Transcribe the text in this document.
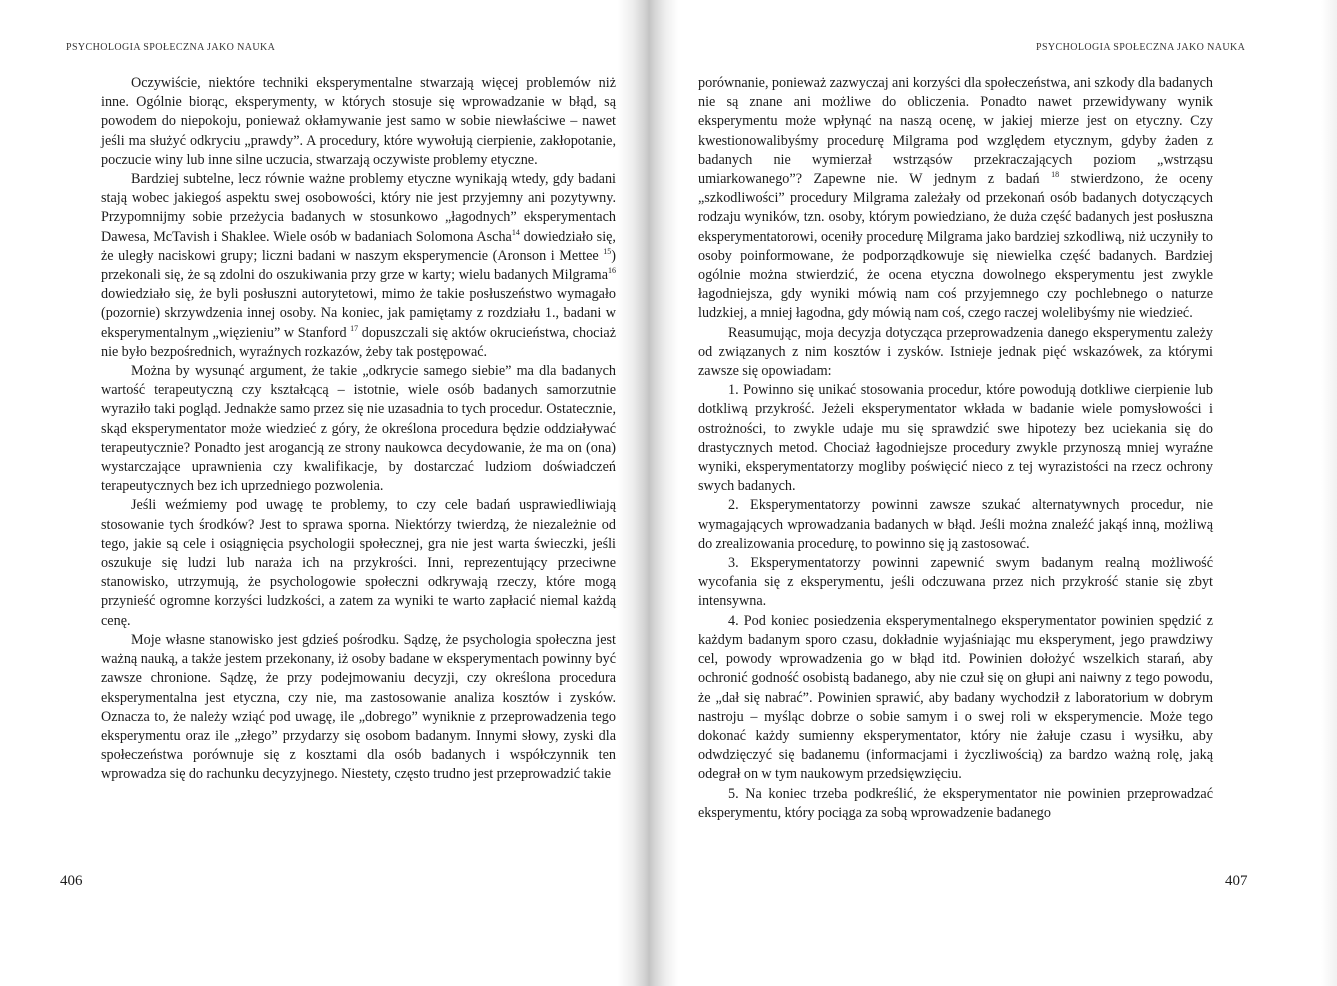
PSYCHOLOGIA SPOŁECZNA JAKO NAUKA	PSYCHOLOGIA SPOŁECZNA JAKO NAUKA

Oczywiście, niektóre techniki eksperymentalne stwarzają więcej problemów niż inne. Ogólnie biorąc, eksperymenty, w których stosuje się wprowadzanie w błąd, są powodem do niepokoju, ponieważ okłamywanie jest samo w sobie niewłaściwe – nawet jeśli ma służyć odkryciu „prawdy”. A procedury, które wywołują cierpienie, zakłopotanie, poczucie winy lub inne silne uczucia, stwarzają oczywiste problemy etyczne.

Bardziej subtelne, lecz równie ważne problemy etyczne wynikają wtedy, gdy badani stają wobec jakiegoś aspektu swej osobowości, który nie jest przyjemny ani pozytywny. Przypomnijmy sobie przeżycia badanych w stosunkowo „łagodnych” eksperymentach Dawesa, McTavish i Shaklee. Wiele osób w badaniach Solomona Ascha$^{14}$ dowiedziało się, że uległy naciskowi grupy; liczni badani w naszym eksperymencie (Aronson i Mettee $^{15}$) przekonali się, że są zdolni do oszukiwania przy grze w karty; wielu badanych Milgrama$^{16}$ dowiedziało się, że byli posłuszni autorytetowi, mimo że takie posłuszeństwo wymagało (pozornie) skrzywdzenia innej osoby. Na koniec, jak pamiętamy z rozdziału 1., badani w eksperymentalnym „więzieniu” w Stanford $^{17}$ dopuszczali się aktów okrucieństwa, chociaż nie było bezpośrednich, wyraźnych rozkazów, żeby tak postępować.

Można by wysunąć argument, że takie „odkrycie samego siebie” ma dla badanych wartość terapeutyczną czy kształcącą – istotnie, wiele osób badanych samorzutnie wyraziło taki pogląd. Jednakże samo przez się nie uzasadnia to tych procedur. Ostatecznie, skąd eksperymentator może wiedzieć z góry, że określona procedura będzie oddziaływać terapeutycznie? Ponadto jest arogancją ze strony naukowca decydowanie, że ma on (ona) wystarczające uprawnienia czy kwalifikacje, by dostarczać ludziom doświadczeń terapeutycznych bez ich uprzedniego pozwolenia.

Jeśli weźmiemy pod uwagę te problemy, to czy cele badań usprawiedliwiają stosowanie tych środków? Jest to sprawa sporna. Niektórzy twierdzą, że niezależnie od tego, jakie są cele i osiągnięcia psychologii społecznej, gra nie jest warta świeczki, jeśli oszukuje się ludzi lub naraża ich na przykrości. Inni, reprezentujący przeciwne stanowisko, utrzymują, że psychologowie społeczni odkrywają rzeczy, które mogą przynieść ogromne korzyści ludzkości, a zatem za wyniki te warto zapłacić niemal każdą cenę.

Moje własne stanowisko jest gdzieś pośrodku. Sądzę, że psychologia społeczna jest ważną nauką, a także jestem przekonany, iż osoby badane w eksperymentach powinny być zawsze chronione. Sądzę, że przy podejmowaniu decyzji, czy określona procedura eksperymentalna jest etyczna, czy nie, ma zastosowanie analiza kosztów i zysków. Oznacza to, że należy wziąć pod uwagę, ile „dobrego” wyniknie z przeprowadzenia tego eksperymentu oraz ile „złego” przydarzy się osobom badanym. Innymi słowy, zyski dla społeczeństwa porównuje się z kosztami dla osób badanych i współczynnik ten wprowadza się do rachunku decyzyjnego. Niestety, często trudno jest przeprowadzić takie

porównanie, ponieważ zazwyczaj ani korzyści dla społeczeństwa, ani szkody dla badanych nie są znane ani możliwe do obliczenia. Ponadto nawet przewidywany wynik eksperymentu może wpłynąć na naszą ocenę, w jakiej mierze jest on etyczny. Czy kwestionowalibyśmy procedurę Milgrama pod względem etycznym, gdyby żaden z badanych nie wymierzał wstrząsów przekraczających poziom „wstrząsu umiarkowanego”? Zapewne nie. W jednym z badań $^{18}$ stwierdzono, że oceny „szkodliwości” procedury Milgrama zależały od przekonań osób badanych dotyczących rodzaju wyników, tzn. osoby, którym powiedziano, że duża część badanych jest posłuszna eksperymentatorowi, oceniły procedurę Milgrama jako bardziej szkodliwą, niż uczyniły to osoby poinformowane, że podporządkowuje się niewielka część badanych. Bardziej ogólnie można stwierdzić, że ocena etyczna dowolnego eksperymentu jest zwykle łagodniejsza, gdy wyniki mówią nam coś przyjemnego czy pochlebnego o naturze ludzkiej, a mniej łagodna, gdy mówią nam coś, czego raczej wolelibyśmy nie wiedzieć.

Reasumując, moja decyzja dotycząca przeprowadzenia danego eksperymentu zależy od związanych z nim kosztów i zysków. Istnieje jednak pięć wskazówek, za którymi zawsze się opowiadam:

1. Powinno się unikać stosowania procedur, które powodują dotkliwe cierpienie lub dotkliwą przykrość. Jeżeli eksperymentator wkłada w badanie wiele pomysłowości i ostrożności, to zwykle udaje mu się sprawdzić swe hipotezy bez uciekania się do drastycznych metod. Chociaż łagodniejsze procedury zwykle przynoszą mniej wyraźne wyniki, eksperymentatorzy mogliby poświęcić nieco z tej wyrazistości na rzecz ochrony swych badanych.

2. Eksperymentatorzy powinni zawsze szukać alternatywnych procedur, nie wymagających wprowadzania badanych w błąd. Jeśli można znaleźć jakąś inną, możliwą do zrealizowania procedurę, to powinno się ją zastosować.

3. Eksperymentatorzy powinni zapewnić swym badanym realną możliwość wycofania się z eksperymentu, jeśli odczuwana przez nich przykrość stanie się zbyt intensywna.

4. Pod koniec posiedzenia eksperymentalnego eksperymentator powinien spędzić z każdym badanym sporo czasu, dokładnie wyjaśniając mu eksperyment, jego prawdziwy cel, powody wprowadzenia go w błąd itd. Powinien dołożyć wszelkich starań, aby ochronić godność osobistą badanego, aby nie czuł się on głupi ani naiwny z tego powodu, że „dał się nabrać”. Powinien sprawić, aby badany wychodził z laboratorium w dobrym nastroju – myśląc dobrze o sobie samym i o swej roli w eksperymencie. Może tego dokonać każdy sumienny eksperymentator, który nie żałuje czasu i wysiłku, aby odwdzięczyć się badanemu (informacjami i życzliwością) za bardzo ważną rolę, jaką odegrał on w tym naukowym przedsięwzięciu.

5. Na koniec trzeba podkreślić, że eksperymentator nie powinien przeprowadzać eksperymentu, który pociąga za sobą wprowadzenie badanego

406	407
